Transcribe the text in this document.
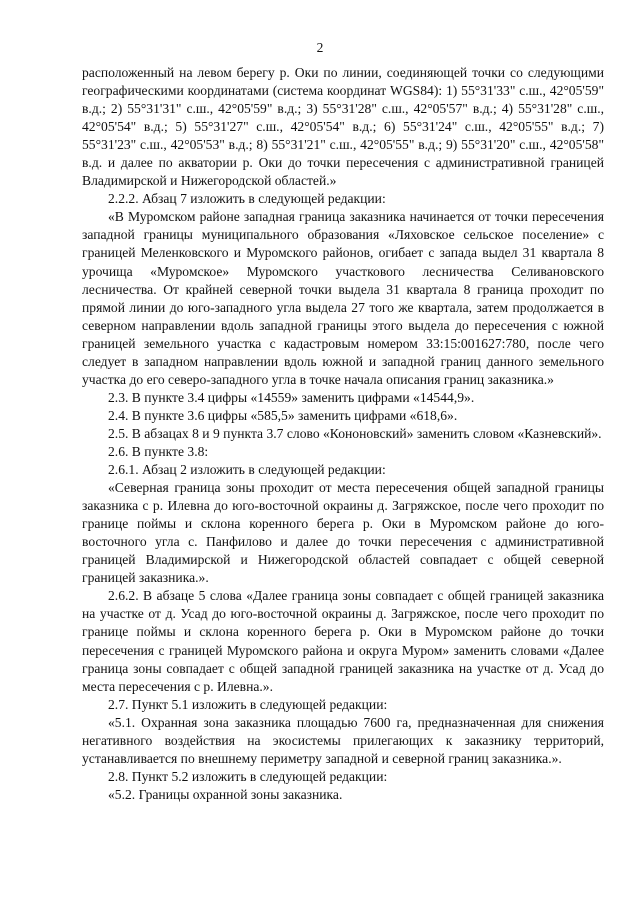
2

расположенный на левом берегу р. Оки по линии, соединяющей точки со следующими географическими координатами (система координат WGS84): 1) 55°31'33" с.ш., 42°05'59" в.д.; 2) 55°31'31" с.ш., 42°05'59" в.д.; 3) 55°31'28" с.ш., 42°05'57" в.д.; 4) 55°31'28" с.ш., 42°05'54" в.д.; 5) 55°31'27" с.ш., 42°05'54" в.д.; 6) 55°31'24" с.ш., 42°05'55" в.д.; 7) 55°31'23" с.ш., 42°05'53" в.д.; 8) 55°31'21" с.ш., 42°05'55" в.д.; 9) 55°31'20" с.ш., 42°05'58" в.д. и далее по акватории р. Оки до точки пересечения с административной границей Владимирской и Нижегородской областей.»

2.2.2. Абзац 7 изложить в следующей редакции:

«В Муромском районе западная граница заказника начинается от точки пересечения западной границы муниципального образования «Ляховское сельское поселение» с границей Меленковского и Муромского районов, огибает с запада выдел 31 квартала 8 урочища «Муромское» Муромского участкового лесничества Селивановского лесничества. От крайней северной точки выдела 31 квартала 8 граница проходит по прямой линии до юго-западного угла выдела 27 того же квартала, затем продолжается в северном направлении вдоль западной границы этого выдела до пересечения с южной границей земельного участка с кадастровым номером 33:15:001627:780, после чего следует в западном направлении вдоль южной и западной границ данного земельного участка до его северо-западного угла в точке начала описания границ заказника.»

2.3. В пункте 3.4 цифры «14559» заменить цифрами «14544,9».

2.4. В пункте 3.6 цифры «585,5» заменить цифрами «618,6».

2.5. В абзацах 8 и 9 пункта 3.7 слово «Кононовский» заменить словом «Казневский».

2.6. В пункте 3.8:

2.6.1. Абзац 2 изложить в следующей редакции:

«Северная граница зоны проходит от места пересечения общей западной границы заказника с р. Илевна до юго-восточной окраины д. Загряжское, после чего проходит по границе поймы и склона коренного берега р. Оки в Муромском районе до юго-восточного угла с. Панфилово и далее до точки пересечения с административной границей Владимирской и Нижегородской областей совпадает с общей северной границей заказника.».

2.6.2. В абзаце 5 слова «Далее граница зоны совпадает с общей границей заказника на участке от д. Усад до юго-восточной окраины д. Загряжское, после чего проходит по границе поймы и склона коренного берега р. Оки в Муромском районе до точки пересечения с границей Муромского района и округа Муром» заменить словами «Далее граница зоны совпадает с общей западной границей заказника на участке от д. Усад до места пересечения с р. Илевна.».

2.7. Пункт 5.1 изложить в следующей редакции:

«5.1. Охранная зона заказника площадью 7600 га, предназначенная для снижения негативного воздействия на экосистемы прилегающих к заказнику территорий, устанавливается по внешнему периметру западной и северной границ заказника.».

2.8. Пункт 5.2 изложить в следующей редакции:

«5.2. Границы охранной зоны заказника.
